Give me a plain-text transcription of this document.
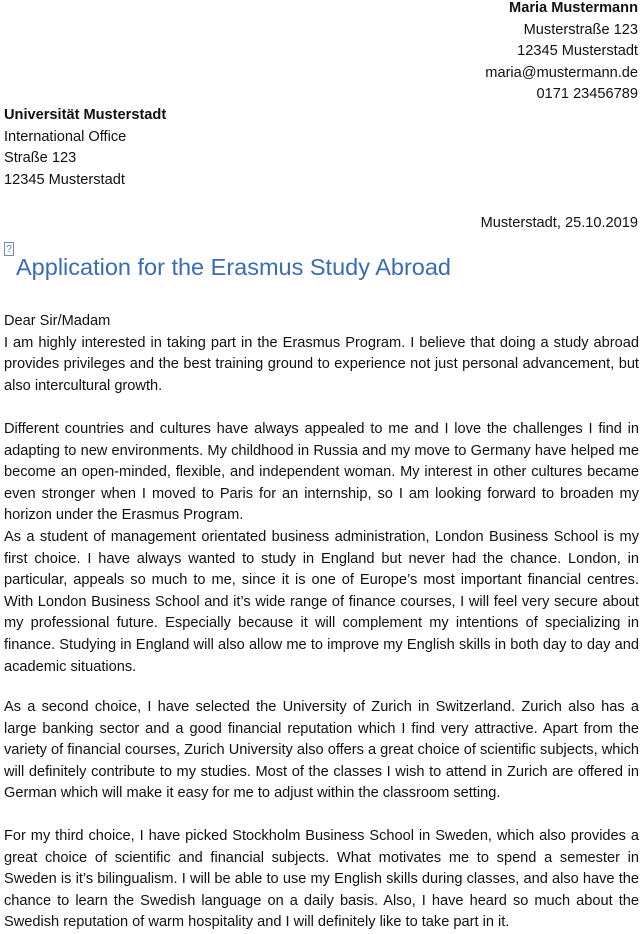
Maria Mustermann
Musterstraße 123
12345 Musterstadt
maria@mustermann.de
0171 23456789
Universität Musterstadt
International Office
Straße 123
12345 Musterstadt
Musterstadt, 25.10.2019
?
Application for the Erasmus Study Abroad
Dear Sir/Madam
I am highly interested in taking part in the Erasmus Program. I believe that doing a study abroad provides privileges and the best training ground to experience not just personal advancement, but also intercultural growth.
Different countries and cultures have always appealed to me and I love the challenges I find in adapting to new environments. My childhood in Russia and my move to Germany have helped me become an open-minded, flexible, and independent woman. My interest in other cultures became even stronger when I moved to Paris for an internship, so I am looking forward to broaden my horizon under the Erasmus Program.
As a student of management orientated business administration, London Business School is my first choice. I have always wanted to study in England but never had the chance. London, in particular, appeals so much to me, since it is one of Europe’s most important financial centres. With London Business School and it’s wide range of finance courses, I will feel very secure about my professional future. Especially because it will complement my intentions of specializing in finance. Studying in England will also allow me to improve my English skills in both day to day and academic situations.
As a second choice, I have selected the University of Zurich in Switzerland. Zurich also has a large banking sector and a good financial reputation which I find very attractive. Apart from the variety of financial courses, Zurich University also offers a great choice of scientific subjects, which will definitely contribute to my studies. Most of the classes I wish to attend in Zurich are offered in German which will make it easy for me to adjust within the classroom setting.
For my third choice, I have picked Stockholm Business School in Sweden, which also provides a great choice of scientific and financial subjects. What motivates me to spend a semester in Sweden is it’s bilingualism. I will be able to use my English skills during classes, and also have the chance to learn the Swedish language on a daily basis. Also, I have heard so much about the Swedish reputation of warm hospitality and I will definitely like to take part in it.
